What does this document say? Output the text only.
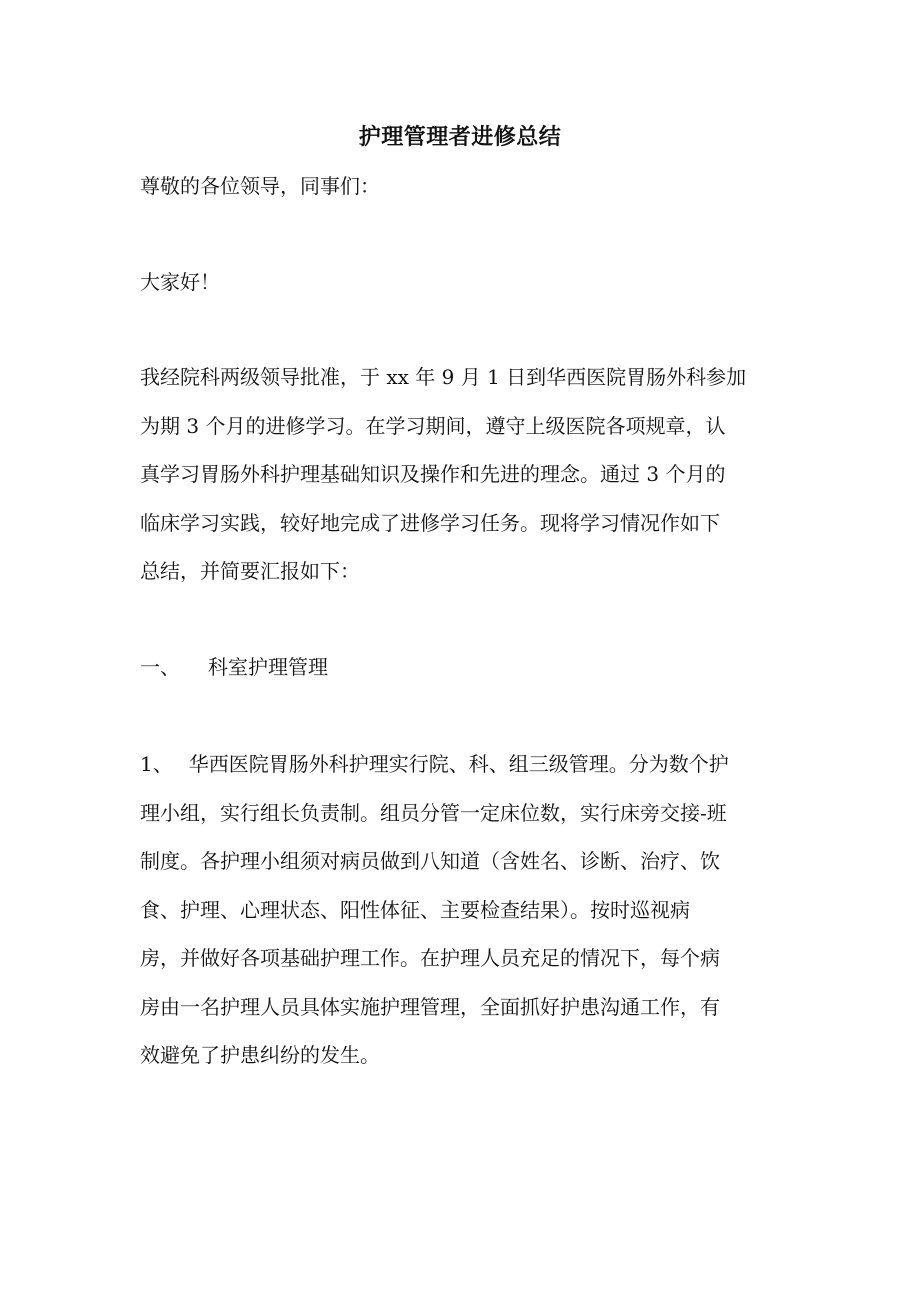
护理管理者进修总结

尊敬的各位领导，同事们：

大家好！

我经院科两级领导批准，于 xx 年 9 月 1 日到华西医院胃肠外科参加
为期 3 个月的进修学习。在学习期间，遵守上级医院各项规章，认
真学习胃肠外科护理基础知识及操作和先进的理念。通过 3 个月的
临床学习实践，较好地完成了进修学习任务。现将学习情况作如下
总结，并简要汇报如下：

一、 科室护理管理

1、 华西医院胃肠外科护理实行院、科、组三级管理。分为数个护
理小组，实行组长负责制。组员分管一定床位数，实行床旁交接-班
制度。各护理小组须对病员做到八知道（含姓名、诊断、治疗、饮
食、护理、心理状态、阳性体征、主要检查结果）。按时巡视病
房，并做好各项基础护理工作。在护理人员充足的情况下，每个病
房由一名护理人员具体实施护理管理，全面抓好护患沟通工作，有
效避免了护患纠纷的发生。
